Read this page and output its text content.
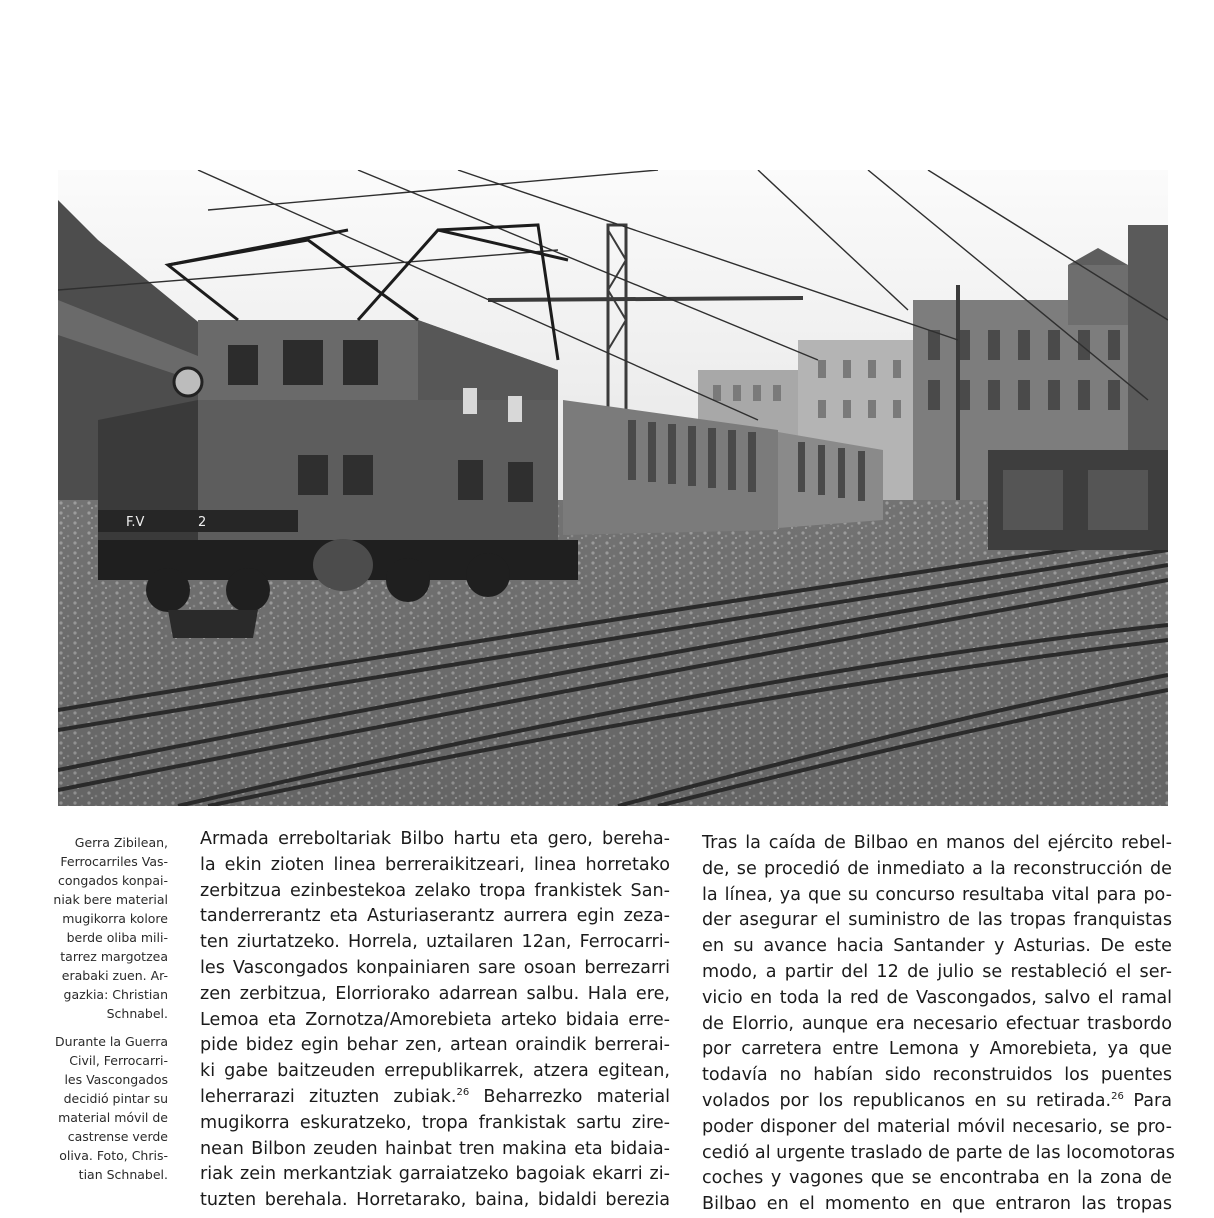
F.V	2
Gerra Zibilean,
Ferrocarriles Vas-
congados konpai-
niak bere material
mugikorra kolore
berde oliba mili-
tarrez margotzea
erabaki zuen. Ar-
gazkia: Christian
Schnabel.
Durante la Guerra
Civil, Ferrocarri-
les Vascongados
decidió pintar su
material móvil de
castrense verde
oliva. Foto, Chris-
tian Schnabel.
Armada erreboltariak Bilbo hartu eta gero, bereha-
la ekin zioten linea berreraikitzeari, linea horretako
zerbitzua ezinbestekoa zelako tropa frankistek San-
tanderrerantz eta Asturiaserantz aurrera egin zeza-
ten ziurtatzeko. Horrela, uztailaren 12an, Ferrocarri-
les Vascongados konpainiaren sare osoan berrezarri
zen zerbitzua, Elorriorako adarrean salbu. Hala ere,
Lemoa eta Zornotza/Amorebieta arteko bidaia erre-
pide bidez egin behar zen, artean oraindik berrerai-
ki gabe baitzeuden errepublikarrek, atzera egitean,
leherrarazi zituzten zubiak.$^{26}$ Beharrezko material
mugikorra eskuratzeko, tropa frankistak sartu zire-
nean Bilbon zeuden hainbat tren makina eta bidaia-
riak zein merkantziak garraiatzeko bagoiak ekarri zi-
tuzten berehala. Horretarako, baina, bidaldi berezia
Tras la caída de Bilbao en manos del ejército rebel-
de, se procedió de inmediato a la reconstrucción de
la línea, ya que su concurso resultaba vital para po-
der asegurar el suministro de las tropas franquistas
en su avance hacia Santander y Asturias. De este
modo, a partir del 12 de julio se restableció el ser-
vicio en toda la red de Vascongados, salvo el ramal
de Elorrio, aunque era necesario efectuar trasbordo
por carretera entre Lemona y Amorebieta, ya que
todavía no habían sido reconstruidos los puentes
volados por los republicanos en su retirada.$^{26}$ Para
poder disponer del material móvil necesario, se pro-
cedió al urgente traslado de parte de las locomotoras
coches y vagones que se encontraba en la zona de
Bilbao en el momento en que entraron las tropas
